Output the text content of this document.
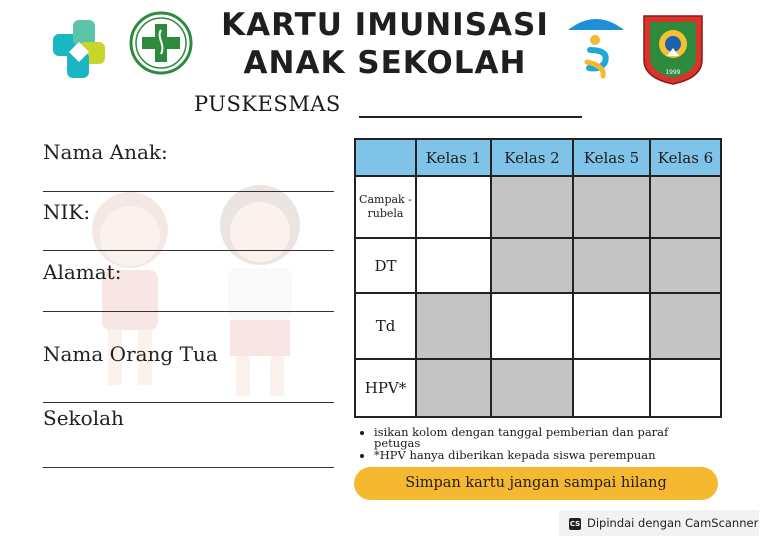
1999
KARTU IMUNISASI
ANAK SEKOLAH
PUSKESMAS
Nama Anak:
NIK:
Alamat:
Nama Orang Tua
Sekolah
	Kelas 1	Kelas 2	Kelas 5	Kelas 6
Campak - rubela				
DT				
Td				
HPV*				
• isikan kolom dengan tanggal pemberian dan paraf petugas
• *HPV hanya diberikan kepada siswa perempuan
Simpan kartu jangan sampai hilang
CS Dipindai dengan CamScanner
